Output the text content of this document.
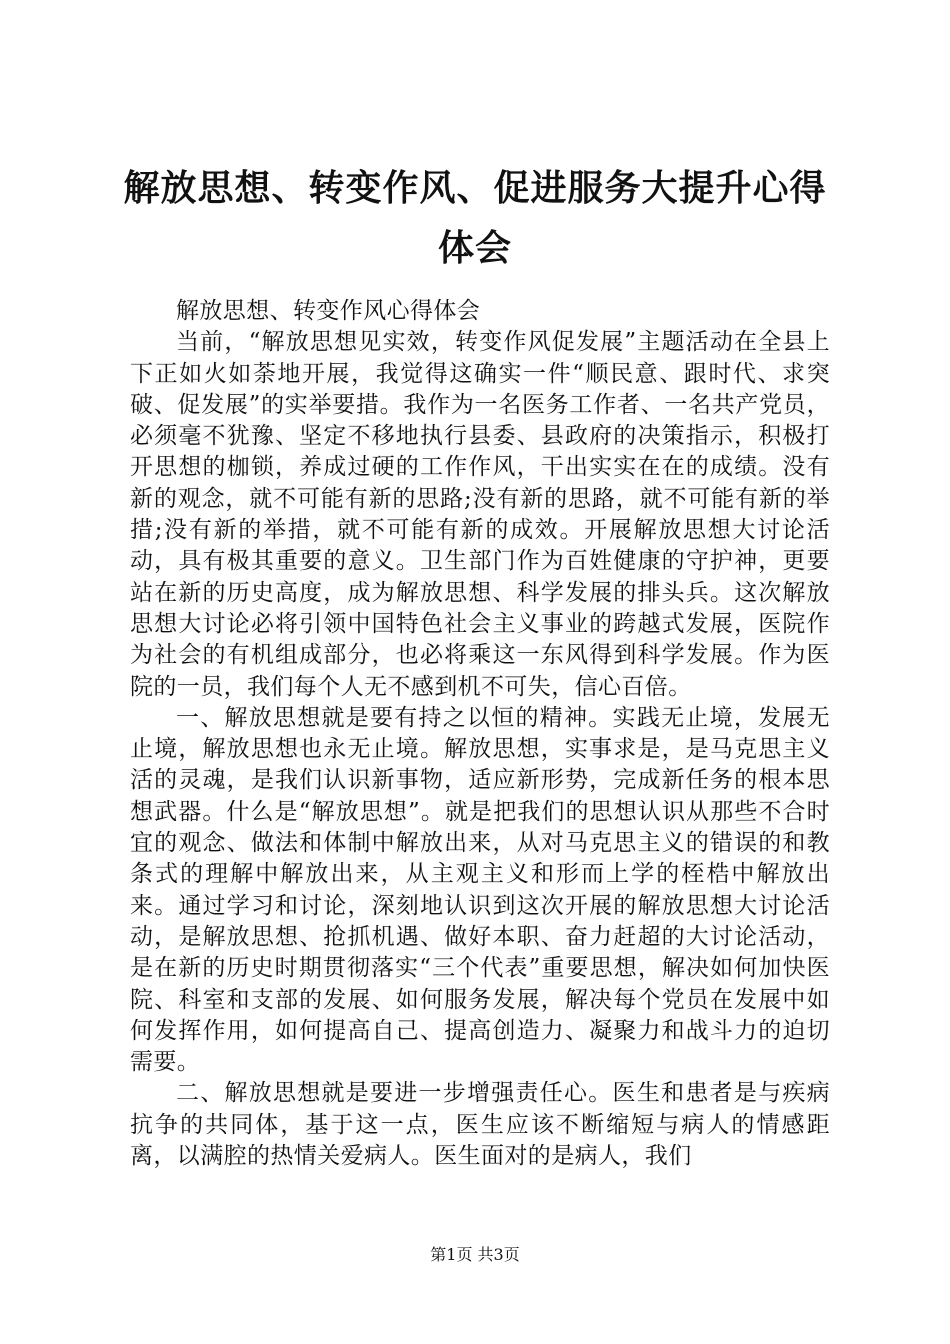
解放思想、转变作风、促进服务大提升心得体会

解放思想、转变作风心得体会

当前，“解放思想见实效，转变作风促发展”主题活动在全县上下正如火如荼地开展，我觉得这确实一件“顺民意、跟时代、求突破、促发展”的实举要措。我作为一名医务工作者、一名共产党员，必须毫不犹豫、坚定不移地执行县委、县政府的决策指示，积极打开思想的枷锁，养成过硬的工作作风，干出实实在在的成绩。没有新的观念，就不可能有新的思路;没有新的思路，就不可能有新的举措;没有新的举措，就不可能有新的成效。开展解放思想大讨论活动，具有极其重要的意义。卫生部门作为百姓健康的守护神，更要站在新的历史高度，成为解放思想、科学发展的排头兵。这次解放思想大讨论必将引领中国特色社会主义事业的跨越式发展，医院作为社会的有机组成部分，也必将乘这一东风得到科学发展。作为医院的一员，我们每个人无不感到机不可失，信心百倍。

一、解放思想就是要有持之以恒的精神。实践无止境，发展无止境，解放思想也永无止境。解放思想，实事求是，是马克思主义活的灵魂，是我们认识新事物，适应新形势，完成新任务的根本思想武器。什么是“解放思想”。就是把我们的思想认识从那些不合时宜的观念、做法和体制中解放出来，从对马克思主义的错误的和教条式的理解中解放出来，从主观主义和形而上学的桎梏中解放出来。通过学习和讨论，深刻地认识到这次开展的解放思想大讨论活动，是解放思想、抢抓机遇、做好本职、奋力赶超的大讨论活动，是在新的历史时期贯彻落实“三个代表”重要思想，解决如何加快医院、科室和支部的发展、如何服务发展，解决每个党员在发展中如何发挥作用，如何提高自己、提高创造力、凝聚力和战斗力的迫切需要。

二、解放思想就是要进一步增强责任心。医生和患者是与疾病抗争的共同体，基于这一点，医生应该不断缩短与病人的情感距离，以满腔的热情关爱病人。医生面对的是病人，我们

第1页 共3页
